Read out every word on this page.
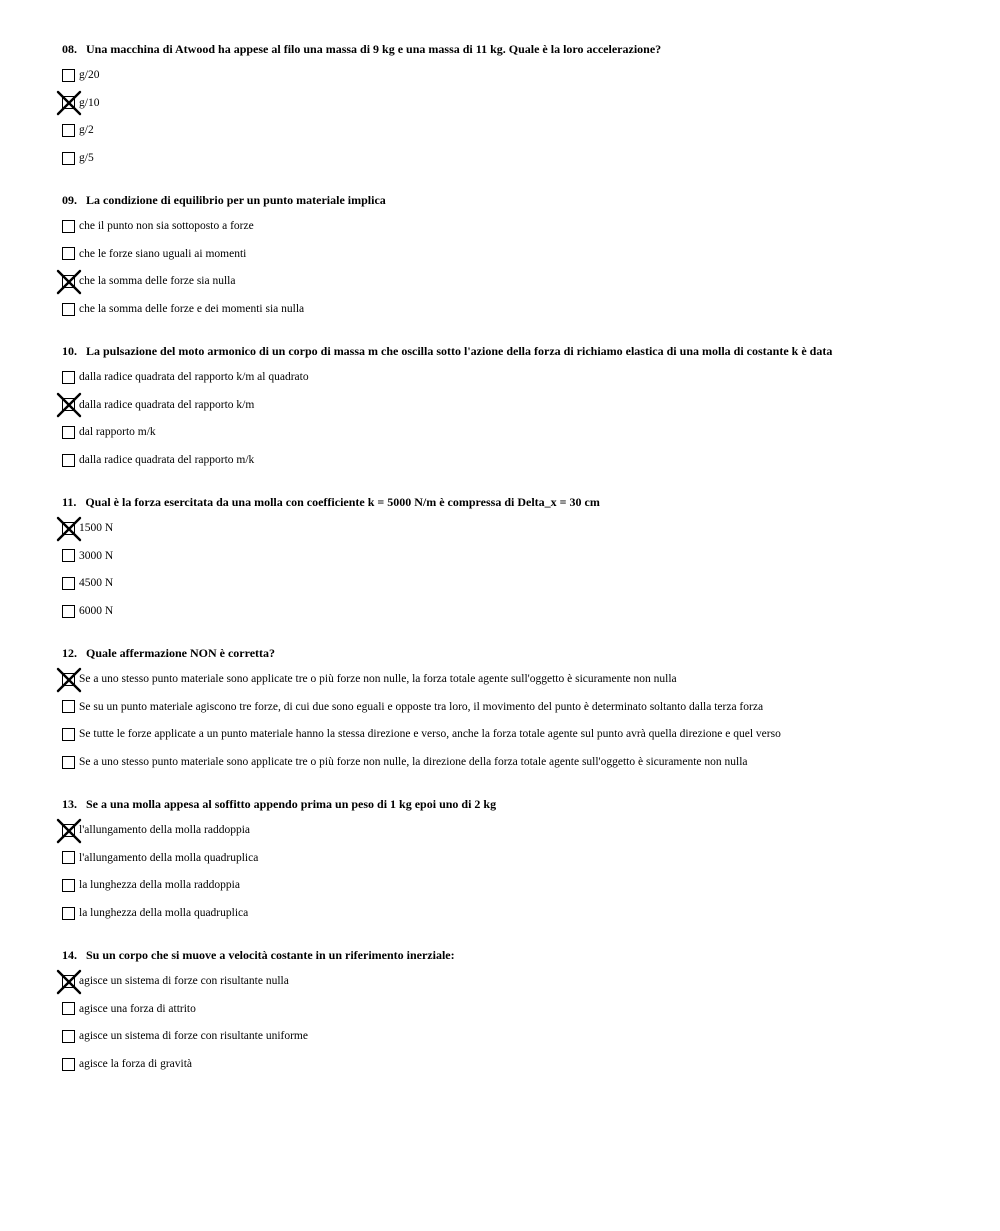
08. Una macchina di Atwood ha appese al filo una massa di 9 kg e una massa di 11 kg. Quale è la loro accelerazione?
g/20
g/10
g/2
g/5
09. La condizione di equilibrio per un punto materiale implica
che il punto non sia sottoposto a forze
che le forze siano uguali ai momenti
che la somma delle forze sia nulla
che la somma delle forze e dei momenti sia nulla
10. La pulsazione del moto armonico di un corpo di massa m che oscilla sotto l'azione della forza di richiamo elastica di una molla di costante k è data
dalla radice quadrata del rapporto k/m al quadrato
dalla radice quadrata del rapporto k/m
dal rapporto m/k
dalla radice quadrata del rapporto m/k
11. Qual è la forza esercitata da una molla con coefficiente k = 5000 N/m è compressa di Delta_x = 30 cm
1500 N
3000 N
4500 N
6000 N
12. Quale affermazione NON è corretta?
Se a uno stesso punto materiale sono applicate tre o più forze non nulle, la forza totale agente sull'oggetto è sicuramente non nulla
Se su un punto materiale agiscono tre forze, di cui due sono eguali e opposte tra loro, il movimento del punto è determinato soltanto dalla terza forza
Se tutte le forze applicate a un punto materiale hanno la stessa direzione e verso, anche la forza totale agente sul punto avrà quella direzione e quel verso
Se a uno stesso punto materiale sono applicate tre o più forze non nulle, la direzione della forza totale agente sull'oggetto è sicuramente non nulla
13. Se a una molla appesa al soffitto appendo prima un peso di 1 kg epoi uno di 2 kg
l'allungamento della molla raddoppia
l'allungamento della molla quadruplica
la lunghezza della molla raddoppia
la lunghezza della molla quadruplica
14. Su un corpo che si muove a velocità costante in un riferimento inerziale:
agisce un sistema di forze con risultante nulla
agisce una forza di attrito
agisce un sistema di forze con risultante uniforme
agisce la forza di gravità
